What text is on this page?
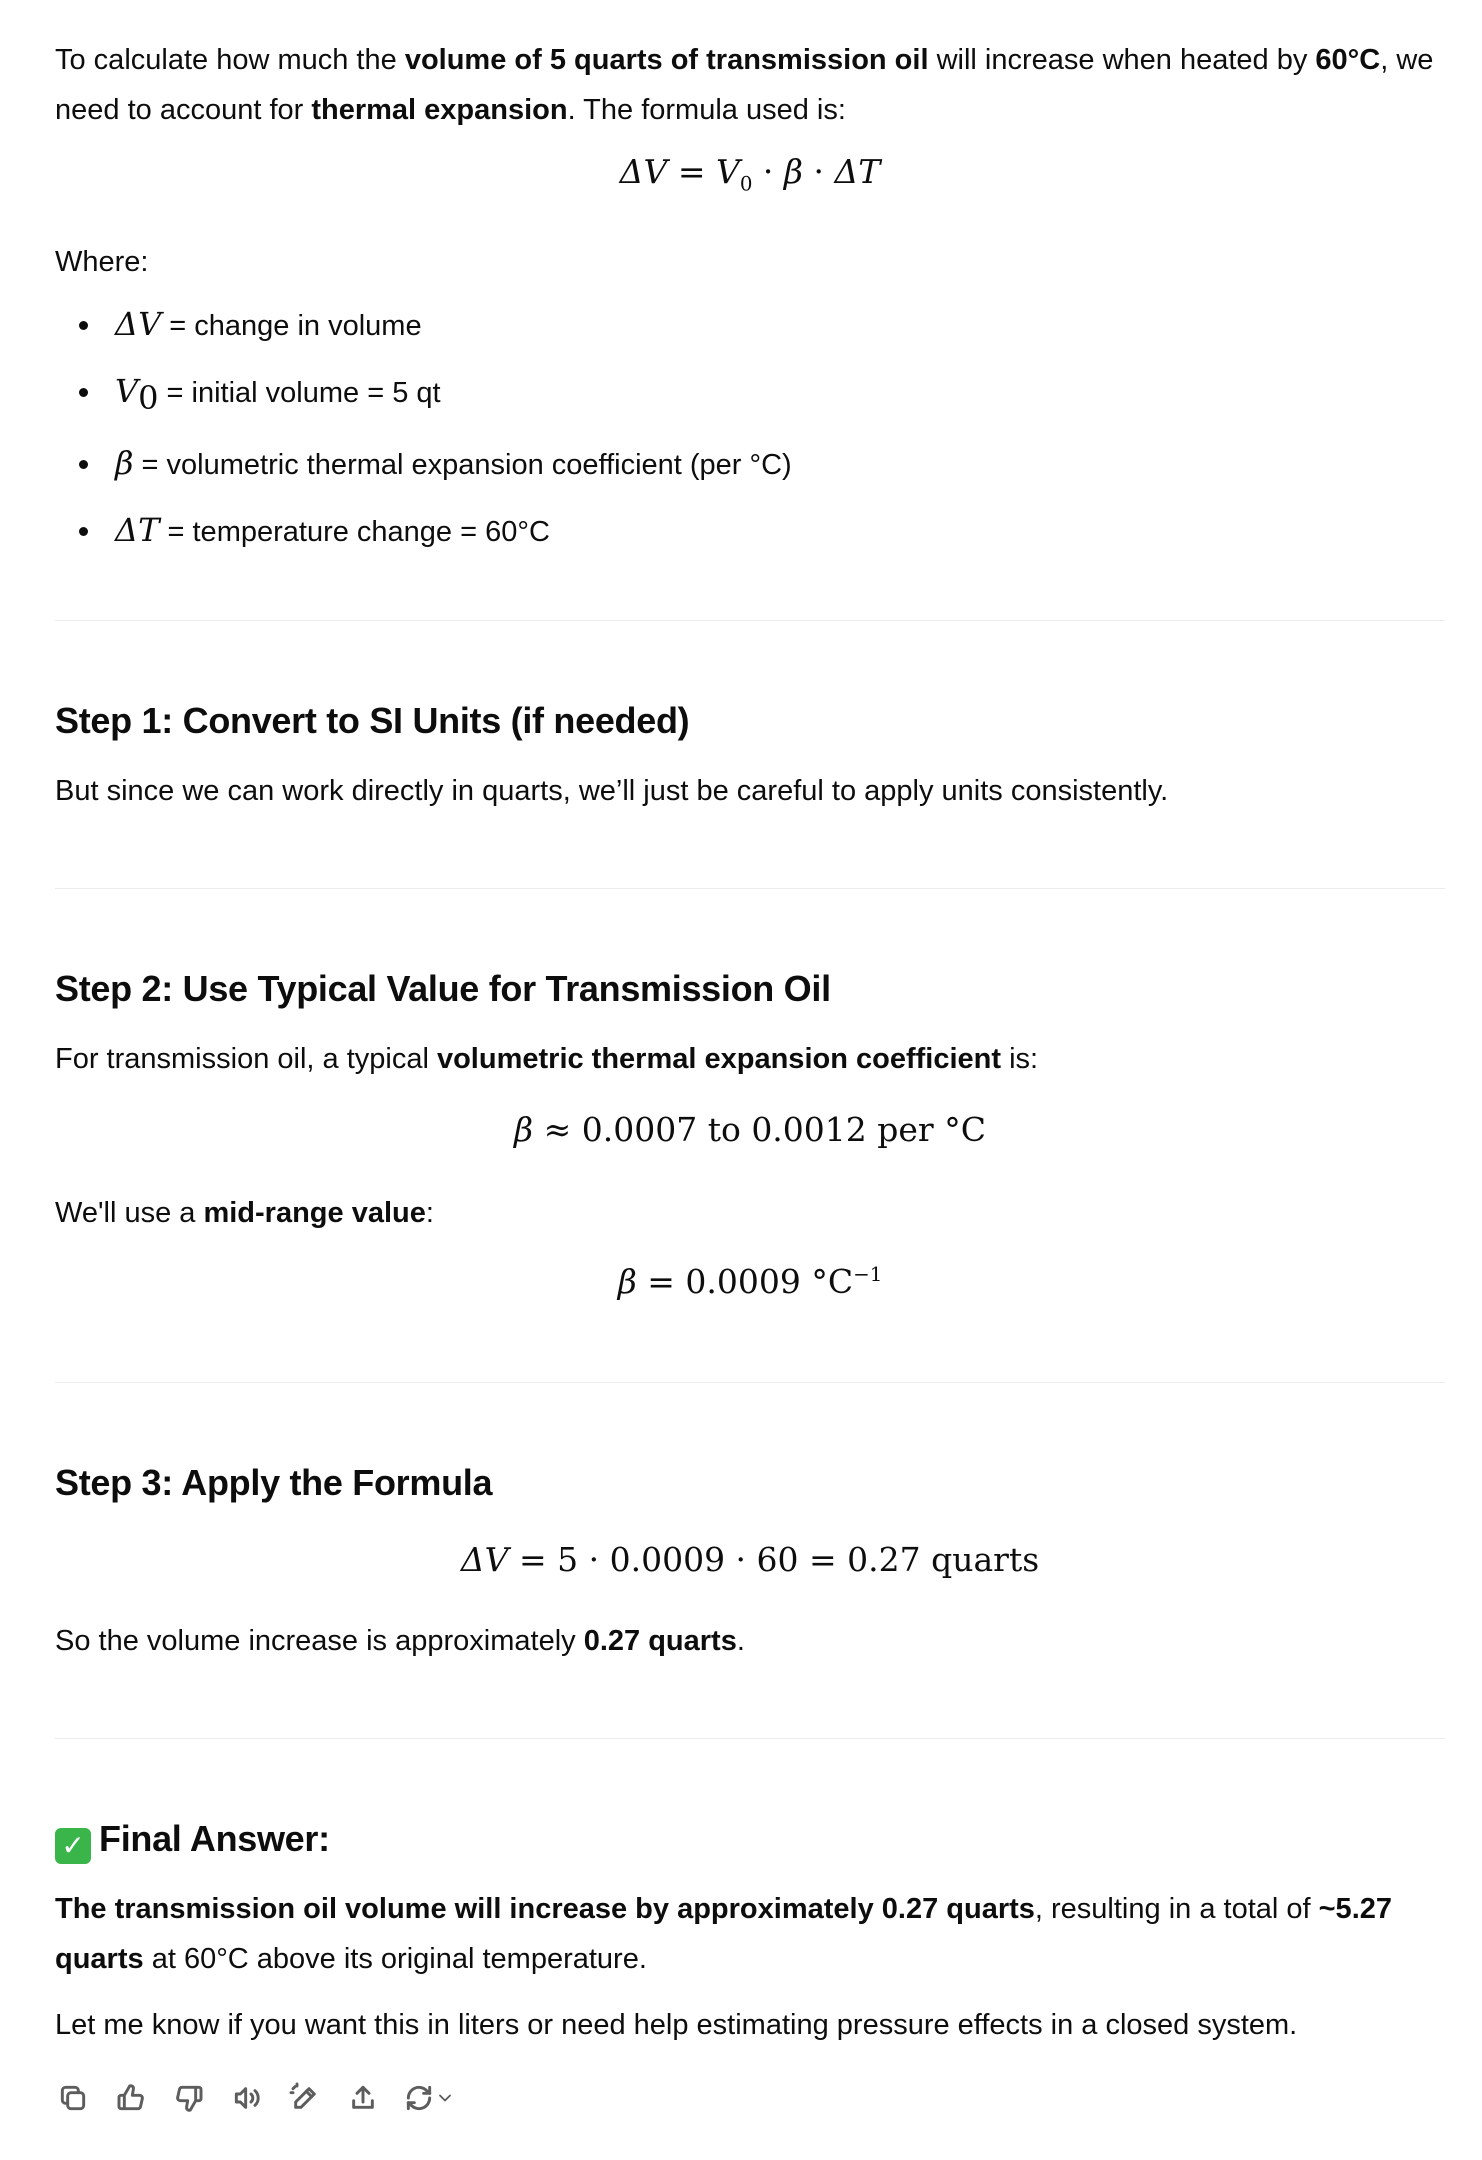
To calculate how much the volume of 5 quarts of transmission oil will increase when heated by 60°C, we need to account for thermal expansion. The formula used is:

$\Delta V = V_0 \cdot \beta \cdot \Delta T$

Where:

ΔV = change in volume
$V_0$ = initial volume = 5 qt
β = volumetric thermal expansion coefficient (per °C)
ΔT = temperature change = 60°C
Step 1: Convert to SI Units (if needed)

But since we can work directly in quarts, we’ll just be careful to apply units consistently.

Step 2: Use Typical Value for Transmission Oil

For transmission oil, a typical volumetric thermal expansion coefficient is:

β ≈ 0.0007 to 0.0012 per °C

We'll use a mid-range value:

β = 0.0009 $^\circ C^{-1}$
Step 3: Apply the Formula
ΔV = 5 · 0.0009 · 60 = 0.27 quarts

So the volume increase is approximately 0.27 quarts.

✓ Final Answer:

The transmission oil volume will increase by approximately 0.27 quarts, resulting in a total of ~5.27 quarts at 60°C above its original temperature.

Let me know if you want this in liters or need help estimating pressure effects in a closed system.
